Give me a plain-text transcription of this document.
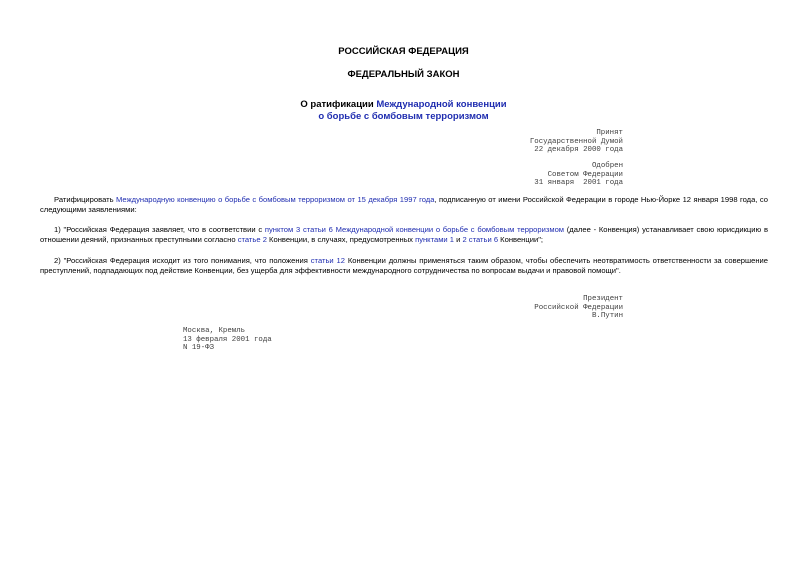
РОССИЙСКАЯ ФЕДЕРАЦИЯ
ФЕДЕРАЛЬНЫЙ ЗАКОН
О ратификации Международной конвенции
о борьбе с бомбовым терроризмом
Принят
Государственной Думой
22 декабря 2000 года
Одобрен
Советом Федерации
31 января  2001 года
Ратифицировать Международную конвенцию о борьбе с бомбовым терроризмом от 15 декабря 1997 года, подписанную от имени Российской Федерации в городе Нью-Йорке 12 января 1998 года, со следующими заявлениями:
1) "Российская Федерация заявляет, что в соответствии с пунктом 3 статьи 6 Международной конвенции о борьбе с бомбовым терроризмом (далее - Конвенция) устанавливает свою юрисдикцию в отношении деяний, признанных преступными согласно статье 2 Конвенции, в случаях, предусмотренных пунктами 1 и 2 статьи 6 Конвенции";
2) "Российская Федерация исходит из того понимания, что положения статьи 12 Конвенции должны применяться таким образом, чтобы обеспечить неотвратимость ответственности за совершение преступлений, подпадающих под действие Конвенции, без ущерба для эффективности международного сотрудничества по вопросам выдачи и правовой помощи".
Президент
Российской Федерации
В.Путин
Москва, Кремль
13 февраля 2001 года
N 19-ФЗ
